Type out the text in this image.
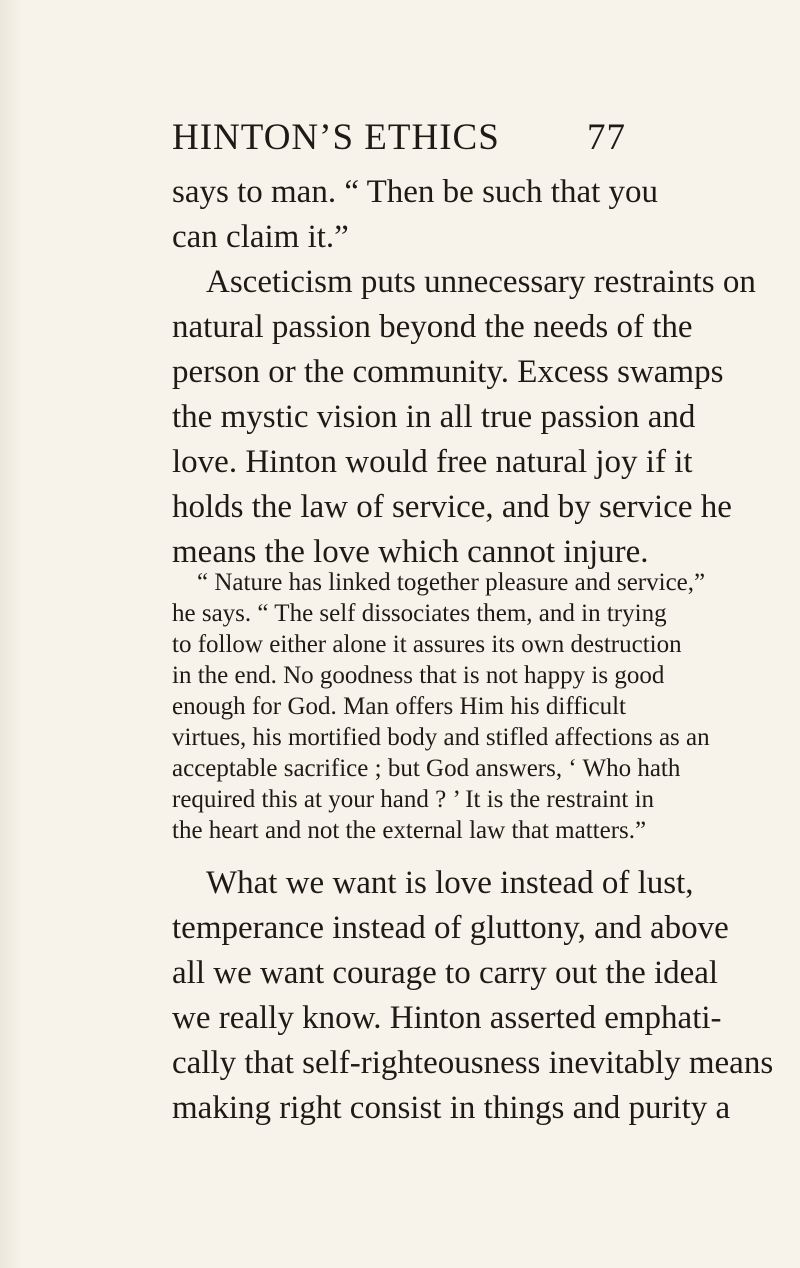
HINTON’S ETHICS 77
says to man. “ Then be such that you
can claim it.”
Asceticism puts unnecessary restraints on
natural passion beyond the needs of the
person or the community. Excess swamps
the mystic vision in all true passion and
love. Hinton would free natural joy if it
holds the law of service, and by service he
means the love which cannot injure.
“ Nature has linked together pleasure and service,”
he says. “ The self dissociates them, and in trying
to follow either alone it assures its own destruction
in the end. No goodness that is not happy is good
enough for God. Man offers Him his difficult
virtues, his mortified body and stifled affections as an
acceptable sacrifice ; but God answers, ‘ Who hath
required this at your hand ? ’ It is the restraint in
the heart and not the external law that matters.”
What we want is love instead of lust,
temperance instead of gluttony, and above
all we want courage to carry out the ideal
we really know. Hinton asserted emphati-
cally that self-righteousness inevitably means
making right consist in things and purity a
